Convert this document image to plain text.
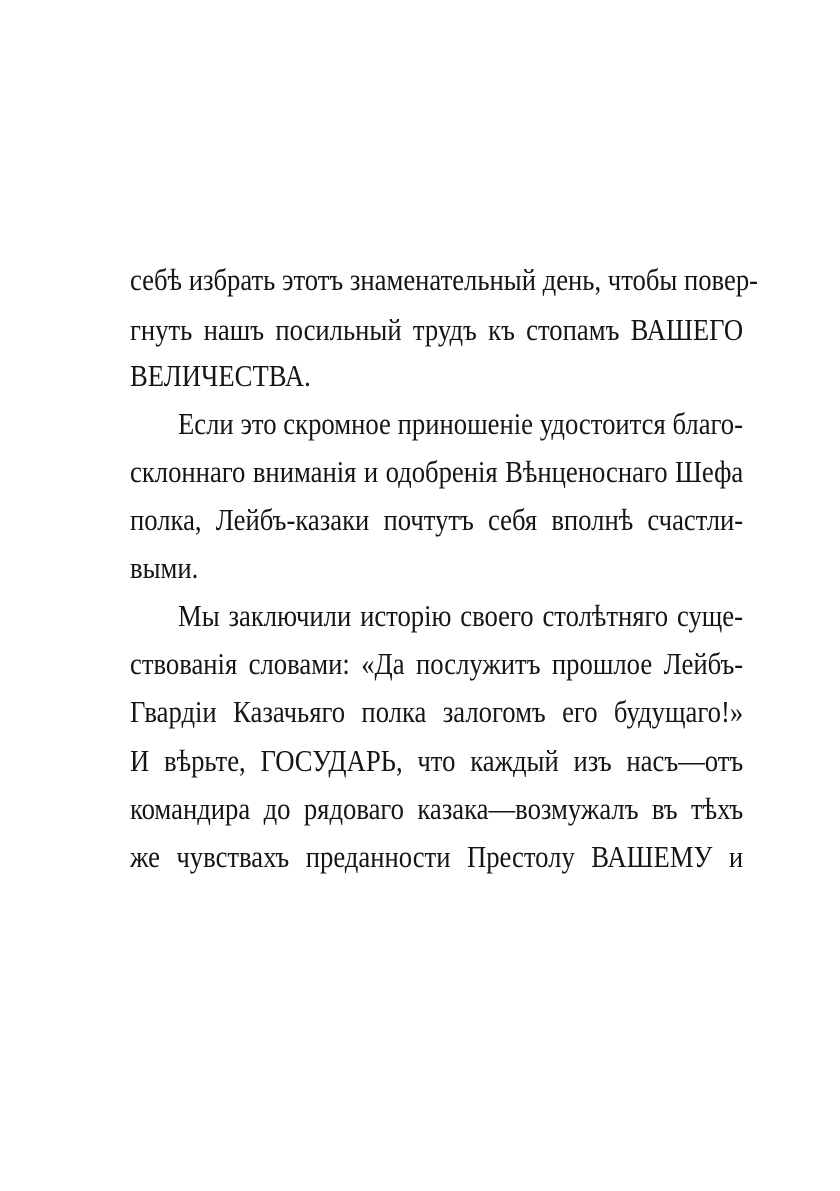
себѣ избрать этотъ знаменательный день, чтобы повер-
гнуть нашъ посильный трудъ къ стопамъ ВАШЕГО
ВЕЛИЧЕСТВА.
Если это скромное приношеніе удостоится благо-
склоннаго вниманія и одобренія Вѣнценоснаго Шефа
полка, Лейбъ-казаки почтутъ себя вполнѣ счастли-
выми.
Мы заключили исторію своего столѣтняго суще-
ствованія словами: «Да послужитъ прошлое Лейбъ-
Гвардіи Казачьяго полка залогомъ его будущаго!»
И вѣрьте, ГОСУДАРЬ, что каждый изъ насъ—отъ
командира до рядоваго казака—возмужалъ въ тѣхъ
же чувствахъ преданности Престолу ВАШЕМУ и
